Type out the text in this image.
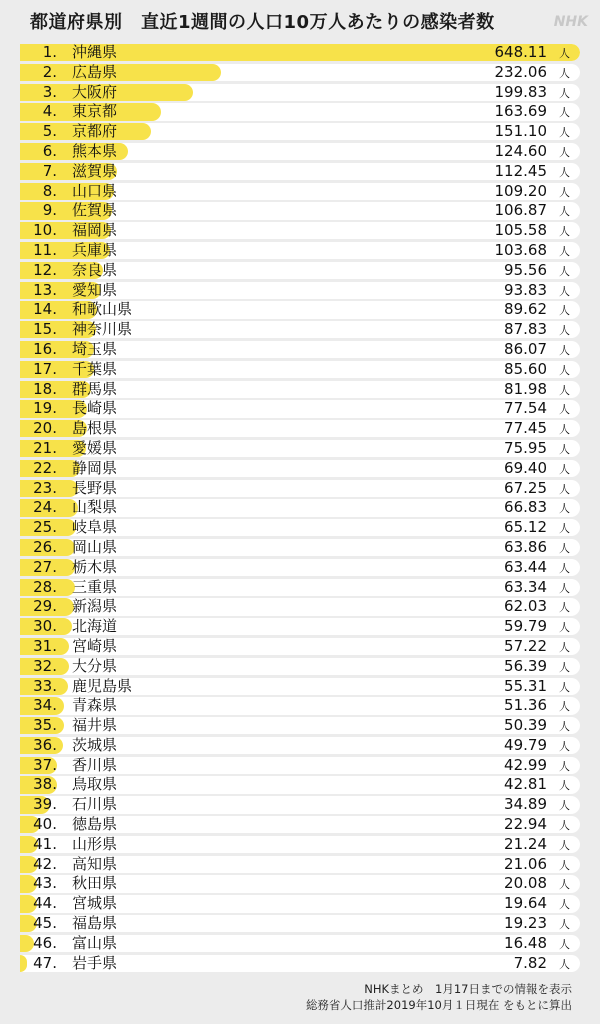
都道府県別　直近1週間の人口10万人あたりの感染者数	NHK
1. 沖縄県	648.11 人
2. 広島県	232.06 人
3. 大阪府	199.83 人
4. 東京都	163.69 人
5. 京都府	151.10 人
6. 熊本県	124.60 人
7. 滋賀県	112.45 人
8. 山口県	109.20 人
9. 佐賀県	106.87 人
10. 福岡県	105.58 人
11. 兵庫県	103.68 人
12. 奈良県	95.56 人
13. 愛知県	93.83 人
14. 和歌山県	89.62 人
15. 神奈川県	87.83 人
16. 埼玉県	86.07 人
17. 千葉県	85.60 人
18. 群馬県	81.98 人
19. 長崎県	77.54 人
20. 島根県	77.45 人
21. 愛媛県	75.95 人
22. 静岡県	69.40 人
23. 長野県	67.25 人
24. 山梨県	66.83 人
25. 岐阜県	65.12 人
26. 岡山県	63.86 人
27. 栃木県	63.44 人
28. 三重県	63.34 人
29. 新潟県	62.03 人
30. 北海道	59.79 人
31. 宮崎県	57.22 人
32. 大分県	56.39 人
33. 鹿児島県	55.31 人
34. 青森県	51.36 人
35. 福井県	50.39 人
36. 茨城県	49.79 人
37. 香川県	42.99 人
38. 鳥取県	42.81 人
39. 石川県	34.89 人
40. 徳島県	22.94 人
41. 山形県	21.24 人
42. 高知県	21.06 人
43. 秋田県	20.08 人
44. 宮城県	19.64 人
45. 福島県	19.23 人
46. 富山県	16.48 人
47. 岩手県	7.82 人
NHKまとめ　1月17日までの情報を表示
総務省人口推計2019年10月１日現在 をもとに算出
